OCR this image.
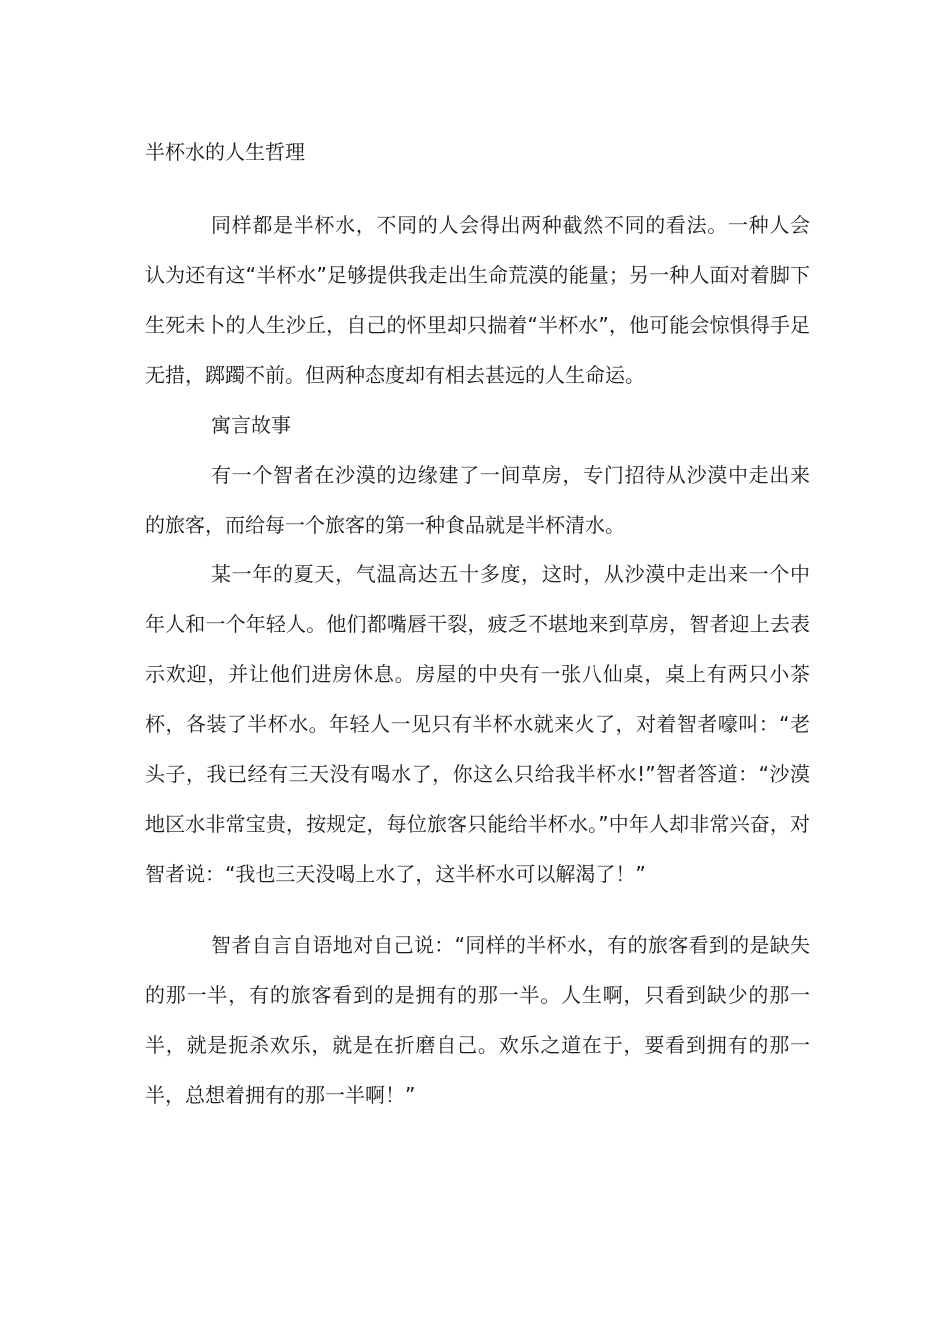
半杯水的人生哲理

同样都是半杯水，不同的人会得出两种截然不同的看法。一种人会认为还有这“半杯水”足够提供我走出生命荒漠的能量；另一种人面对着脚下生死未卜的人生沙丘，自己的怀里却只揣着“半杯水”，他可能会惊惧得手足无措，踯躅不前。但两种态度却有相去甚远的人生命运。

寓言故事

有一个智者在沙漠的边缘建了一间草房，专门招待从沙漠中走出来的旅客，而给每一个旅客的第一种食品就是半杯清水。

某一年的夏天，气温高达五十多度，这时，从沙漠中走出来一个中年人和一个年轻人。他们都嘴唇干裂，疲乏不堪地来到草房，智者迎上去表示欢迎，并让他们进房休息。房屋的中央有一张八仙桌，桌上有两只小茶杯，各装了半杯水。年轻人一见只有半杯水就来火了，对着智者嚎叫：“老头子，我已经有三天没有喝水了，你这么只给我半杯水!”智者答道：“沙漠地区水非常宝贵，按规定，每位旅客只能给半杯水。”中年人却非常兴奋，对智者说：“我也三天没喝上水了，这半杯水可以解渴了！”

智者自言自语地对自己说：“同样的半杯水，有的旅客看到的是缺失的那一半，有的旅客看到的是拥有的那一半。人生啊，只看到缺少的那一半，就是扼杀欢乐，就是在折磨自己。欢乐之道在于，要看到拥有的那一半，总想着拥有的那一半啊！”
